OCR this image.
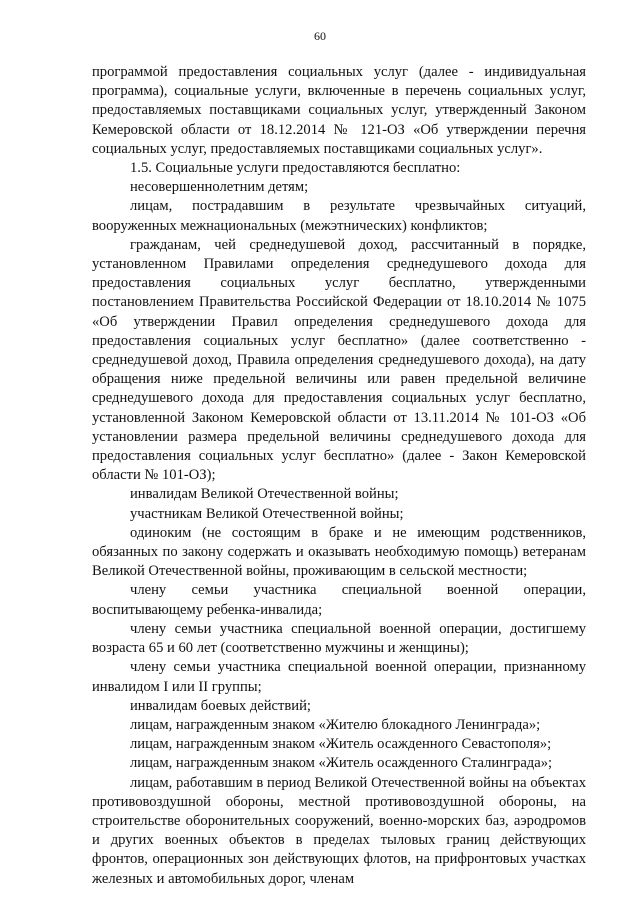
60

программой предоставления социальных услуг (далее - индивидуальная программа), социальные услуги, включенные в перечень социальных услуг, предоставляемых поставщиками социальных услуг, утвержденный Законом Кемеровской области от 18.12.2014 № 121-ОЗ «Об утверждении перечня социальных услуг, предоставляемых поставщиками социальных услуг».

1.5. Социальные услуги предоставляются бесплатно:

несовершеннолетним детям;

лицам, пострадавшим в результате чрезвычайных ситуаций, вооруженных межнациональных (межэтнических) конфликтов;

гражданам, чей среднедушевой доход, рассчитанный в порядке, установленном Правилами определения среднедушевого дохода для предоставления социальных услуг бесплатно, утвержденными постановлением Правительства Российской Федерации от 18.10.2014 № 1075 «Об утверждении Правил определения среднедушевого дохода для предоставления социальных услуг бесплатно» (далее соответственно - среднедушевой доход, Правила определения среднедушевого дохода), на дату обращения ниже предельной величины или равен предельной величине среднедушевого дохода для предоставления социальных услуг бесплатно, установленной Законом Кемеровской области от 13.11.2014 № 101-ОЗ «Об установлении размера предельной величины среднедушевого дохода для предоставления социальных услуг бесплатно» (далее - Закон Кемеровской области № 101-ОЗ);

инвалидам Великой Отечественной войны;

участникам Великой Отечественной войны;

одиноким (не состоящим в браке и не имеющим родственников, обязанных по закону содержать и оказывать необходимую помощь) ветеранам Великой Отечественной войны, проживающим в сельской местности;

члену семьи участника специальной военной операции, воспитывающему ребенка-инвалида;

члену семьи участника специальной военной операции, достигшему возраста 65 и 60 лет (соответственно мужчины и женщины);

члену семьи участника специальной военной операции, признанному инвалидом I или II группы;

инвалидам боевых действий;

лицам, награжденным знаком «Жителю блокадного Ленинграда»;

лицам, награжденным знаком «Житель осажденного Севастополя»;

лицам, награжденным знаком «Житель осажденного Сталинграда»;

лицам, работавшим в период Великой Отечественной войны на объектах противовоздушной обороны, местной противовоздушной обороны, на строительстве оборонительных сооружений, военно-морских баз, аэродромов и других военных объектов в пределах тыловых границ действующих фронтов, операционных зон действующих флотов, на прифронтовых участках железных и автомобильных дорог, членам
